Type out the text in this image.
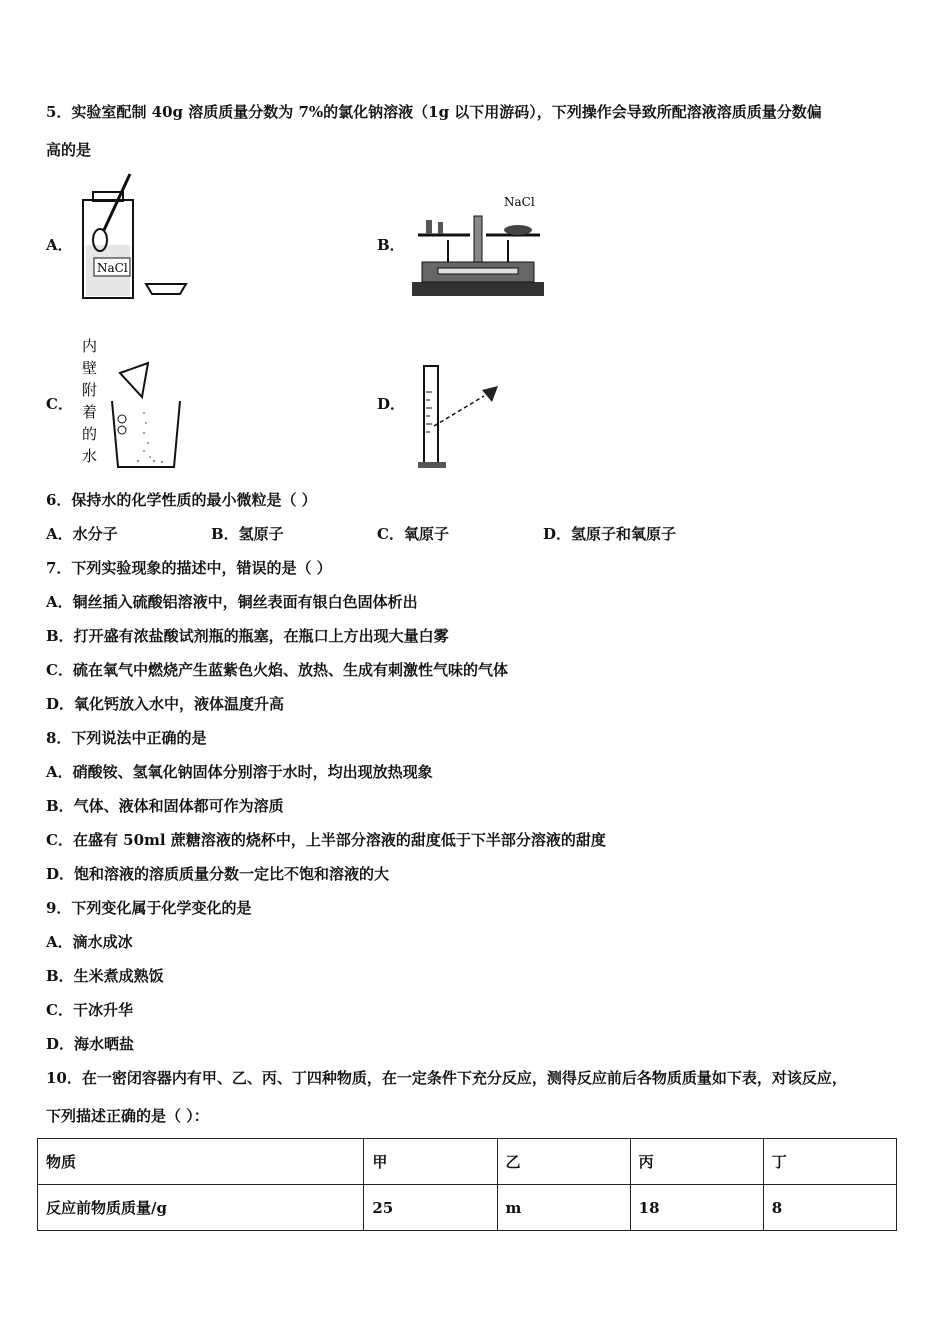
5．实验室配制 40g 溶质质量分数为 7%的氯化钠溶液（1g 以下用游码），下列操作会导致所配溶液溶质质量分数偏
高的是
A．
NaCl
B．
NaCl
C．
内
壁
附
着
的
水
D．
6．保持水的化学性质的最小微粒是（ ）
A．水分子	B．氢原子	C．氧原子	D．氢原子和氧原子
7．下列实验现象的描述中，错误的是（ ）
A．铜丝插入硫酸铝溶液中，铜丝表面有银白色固体析出
B．打开盛有浓盐酸试剂瓶的瓶塞，在瓶口上方出现大量白雾
C．硫在氧气中燃烧产生蓝紫色火焰、放热、生成有刺激性气味的气体
D．氧化钙放入水中，液体温度升高
8．下列说法中正确的是
A．硝酸铵、氢氧化钠固体分别溶于水时，均出现放热现象
B．气体、液体和固体都可作为溶质
C．在盛有 50ml 蔗糖溶液的烧杯中，上半部分溶液的甜度低于下半部分溶液的甜度
D．饱和溶液的溶质质量分数一定比不饱和溶液的大
9．下列变化属于化学变化的是
A．滴水成冰
B．生米煮成熟饭
C．干冰升华
D．海水晒盐
10．在一密闭容器内有甲、乙、丙、丁四种物质，在一定条件下充分反应，测得反应前后各物质质量如下表，对该反应，
下列描述正确的是（ ）：
物质	甲	乙	丙	丁
反应前物质质量/g	25	m	18	8
